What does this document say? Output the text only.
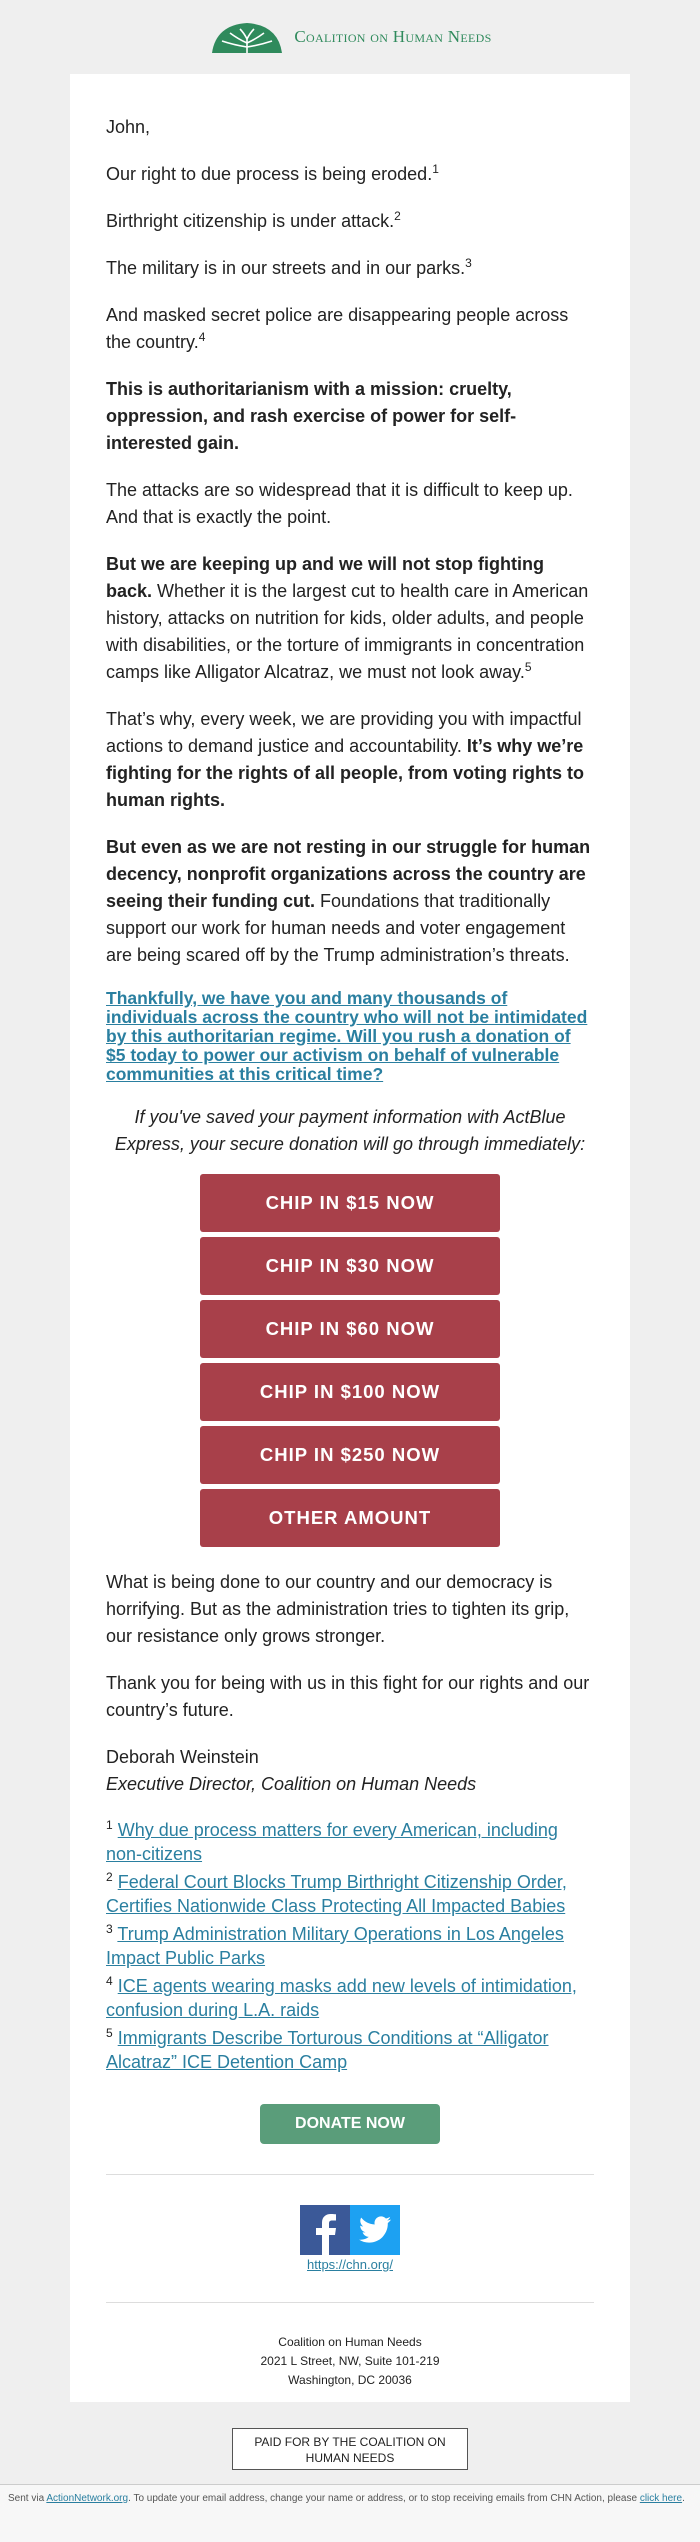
Coalition on Human Needs

John,

Our right to due process is being eroded.$^1$

Birthright citizenship is under attack.$^2$

The military is in our streets and in our parks.$^3$

And masked secret police are disappearing people across the country.$^4$

This is authoritarianism with a mission: cruelty, oppression, and rash exercise of power for self-interested gain.

The attacks are so widespread that it is difficult to keep up. And that is exactly the point.

But we are keeping up and we will not stop fighting back. Whether it is the largest cut to health care in American history, attacks on nutrition for kids, older adults, and people with disabilities, or the torture of immigrants in concentration camps like Alligator Alcatraz, we must not look away.$^5$

That’s why, every week, we are providing you with impactful actions to demand justice and accountability. It’s why we’re fighting for the rights of all people, from voting rights to human rights.

But even as we are not resting in our struggle for human decency, nonprofit organizations across the country are seeing their funding cut. Foundations that traditionally support our work for human needs and voter engagement are being scared off by the Trump administration’s threats.

Thankfully, we have you and many thousands of individuals across the country who will not be intimidated by this authoritarian regime. Will you rush a donation of $5 today to power our activism on behalf of vulnerable communities at this critical time?

If you've saved your payment information with ActBlue Express, your secure donation will go through immediately:

CHIP IN $15 NOW
CHIP IN $30 NOW
CHIP IN $60 NOW
CHIP IN $100 NOW
CHIP IN $250 NOW
OTHER AMOUNT

What is being done to our country and our democracy is horrifying. But as the administration tries to tighten its grip, our resistance only grows stronger.

Thank you for being with us in this fight for our rights and our country’s future.

Deborah Weinstein

Executive Director, Coalition on Human Needs

$^1$ Why due process matters for every American, including non-citizens
$^2$ Federal Court Blocks Trump Birthright Citizenship Order, Certifies Nationwide Class Protecting All Impacted Babies
$^3$ Trump Administration Military Operations in Los Angeles Impact Public Parks
$^4$ ICE agents wearing masks add new levels of intimidation, confusion during L.A. raids
$^5$ Immigrants Describe Torturous Conditions at “Alligator Alcatraz” ICE Detention Camp
DONATE NOW
https://chn.org/
Coalition on Human Needs
2021 L Street, NW, Suite 101-219
Washington, DC 20036
PAID FOR BY THE COALITION ON HUMAN NEEDS
Sent via ActionNetwork.org. To update your email address, change your name or address, or to stop receiving emails from CHN Action, please click here.
